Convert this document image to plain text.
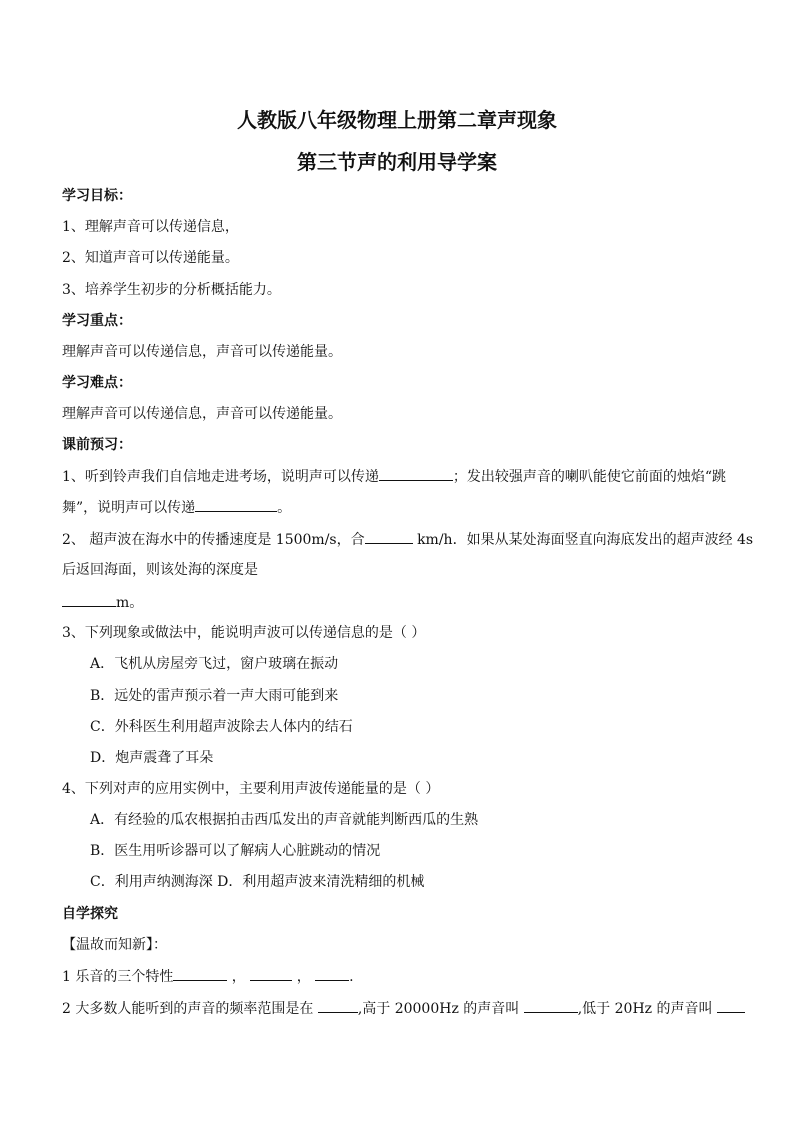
人教版八年级物理上册第二章声现象
第三节声的利用导学案
学习目标：
1、理解声音可以传递信息，
2、知道声音可以传递能量。
3、培养学生初步的分析概括能力。
学习重点：
理解声音可以传递信息，声音可以传递能量。
学习难点：
理解声音可以传递信息，声音可以传递能量。
课前预习：
1、听到铃声我们自信地走进考场，说明声可以传递	；发出较强声音的喇叭能使它前面的烛焰“跳
舞”，说明声可以传递	。
2、 超声波在海水中的传播速度是 1500m/s，合	km/h．如果从某处海面竖直向海底发出的超声波经 4s
后返回海面，则该处海的深度是
m。
3、下列现象或做法中，能说明声波可以传递信息的是（ ）
A．飞机从房屋旁飞过，窗户玻璃在振动
B．远处的雷声预示着一声大雨可能到来
C．外科医生利用超声波除去人体内的结石
D．炮声震聋了耳朵
4、下列对声的应用实例中，主要利用声波传递能量的是（ ）
A．有经验的瓜农根据拍击西瓜发出的声音就能判断西瓜的生熟
B．医生用听诊器可以了解病人心脏跳动的情况
C．利用声纳测海深 D．利用超声波来清洗精细的机械
自学探究
【温故而知新】：
1 乐音的三个特性	，	， .
2 大多数人能听到的声音的频率范围是在	,高于 20000Hz 的声音叫	,低于 20Hz 的声音叫
